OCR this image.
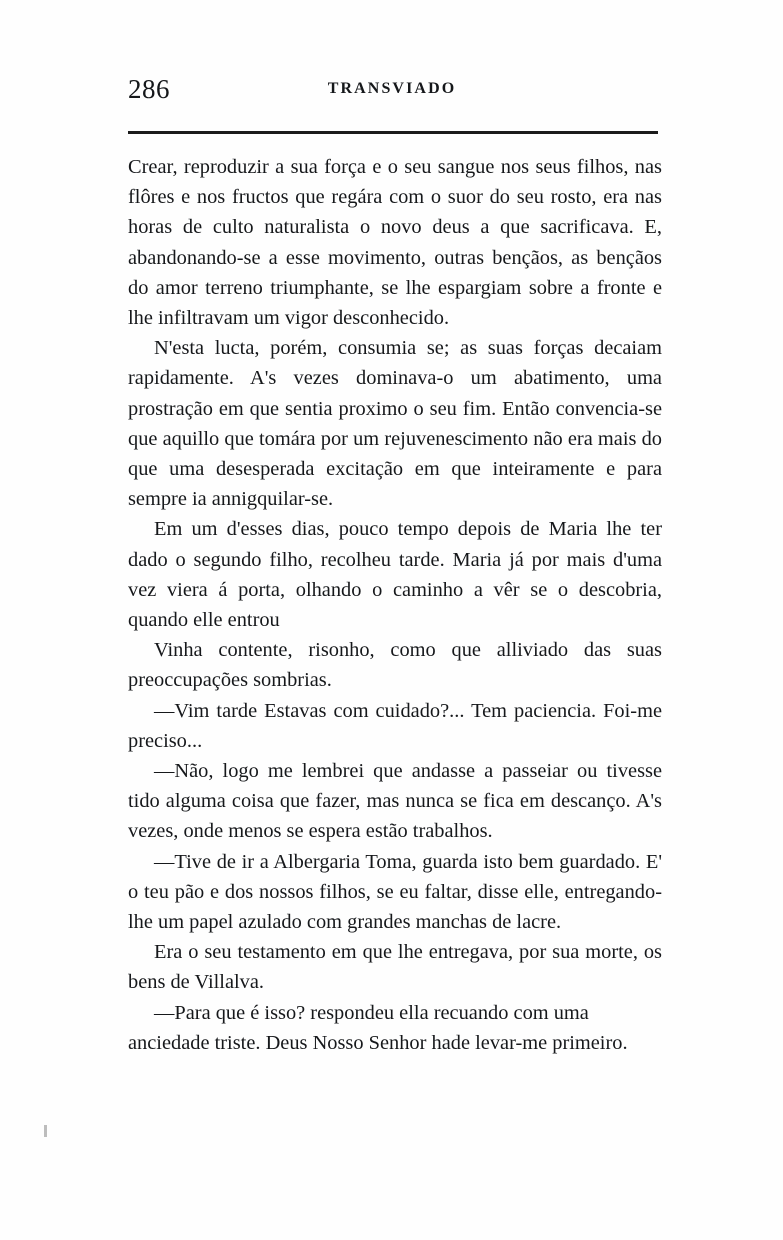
286	TRANSVIADO

Crear, reproduzir a sua força e o seu sangue nos seus filhos, nas flôres e nos fructos que regára com o suor do seu rosto, era nas horas de culto naturalista o novo deus a que sacrificava. E, abandonando-se a esse movimento, outras bençãos, as bençãos do amor terreno triumphante, se lhe espargiam sobre a fronte e lhe infiltravam um vigor desconhecido.

N'esta lucta, porém, consumia se; as suas forças decaiam rapidamente. A's vezes dominava-o um abatimento, uma prostração em que sentia proximo o seu fim. Então convencia-se que aquillo que tomára por um rejuvenescimento não era mais do que uma desesperada excitação em que inteiramente e para sempre ia annigquilar-se.

Em um d'esses dias, pouco tempo depois de Maria lhe ter dado o segundo filho, recolheu tarde. Maria já por mais d'uma vez viera á porta, olhando o caminho a vêr se o descobria, quando elle entrou

Vinha contente, risonho, como que alliviado das suas preoccupações sombrias.

—Vim tarde Estavas com cuidado?... Tem paciencia. Foi-me preciso...

—Não, logo me lembrei que andasse a passeiar ou tivesse tido alguma coisa que fazer, mas nunca se fica em descanço. A's vezes, onde menos se espera estão trabalhos.

—Tive de ir a Albergaria Toma, guarda isto bem guardado. E' o teu pão e dos nossos filhos, se eu faltar, disse elle, entregando-lhe um papel azulado com grandes manchas de lacre.

Era o seu testamento em que lhe entregava, por sua morte, os bens de Villalva.

—Para que é isso? respondeu ella recuando com uma anciedade triste. Deus Nosso Senhor hade levar-me primeiro.
